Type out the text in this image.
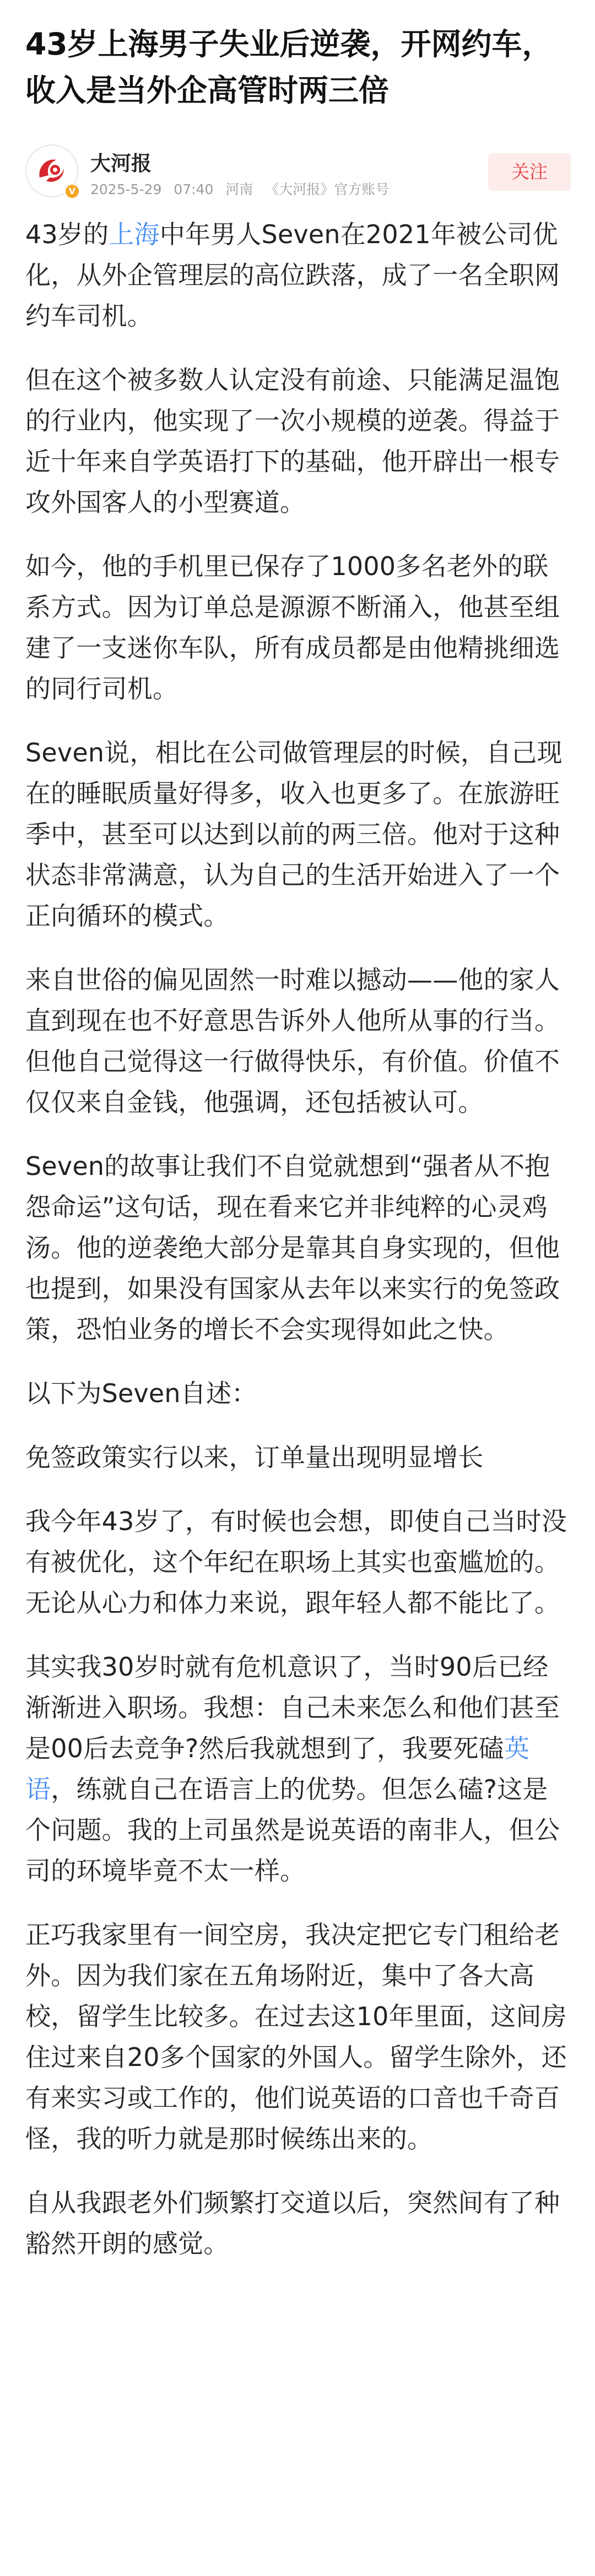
43岁上海男子失业后逆袭，开网约车，收入是当外企高管时两三倍
V
大河报
2025-5-29 07:40 河南 《大河报》官方账号
关注

43岁的上海中年男人Seven在2021年被公司优化，从外企管理层的高位跌落，成了一名全职网约车司机。

但在这个被多数人认定没有前途、只能满足温饱的行业内，他实现了一次小规模的逆袭。得益于近十年来自学英语打下的基础，他开辟出一根专攻外国客人的小型赛道。

如今，他的手机里已保存了1000多名老外的联系方式。因为订单总是源源不断涌入，他甚至组建了一支迷你车队，所有成员都是由他精挑细选的同行司机。

Seven说，相比在公司做管理层的时候，自己现在的睡眠质量好得多，收入也更多了。在旅游旺季中，甚至可以达到以前的两三倍。他对于这种状态非常满意，认为自己的生活开始进入了一个正向循环的模式。

来自世俗的偏见固然一时难以撼动——他的家人直到现在也不好意思告诉外人他所从事的行当。但他自己觉得这一行做得快乐，有价值。价值不仅仅来自金钱，他强调，还包括被认可。

Seven的故事让我们不自觉就想到“强者从不抱怨命运”这句话，现在看来它并非纯粹的心灵鸡汤。他的逆袭绝大部分是靠其自身实现的，但他也提到，如果没有国家从去年以来实行的免签政策，恐怕业务的增长不会实现得如此之快。

以下为Seven自述：

免签政策实行以来，订单量出现明显增长

我今年43岁了，有时候也会想，即使自己当时没有被优化，这个年纪在职场上其实也蛮尴尬的。无论从心力和体力来说，跟年轻人都不能比了。

其实我30岁时就有危机意识了，当时90后已经渐渐进入职场。我想：自己未来怎么和他们甚至是00后去竞争?然后我就想到了，我要死磕英语，练就自己在语言上的优势。但怎么磕?这是个问题。我的上司虽然是说英语的南非人，但公司的环境毕竟不太一样。

正巧我家里有一间空房，我决定把它专门租给老外。因为我们家在五角场附近，集中了各大高校，留学生比较多。在过去这10年里面，这间房住过来自20多个国家的外国人。留学生除外，还有来实习或工作的，他们说英语的口音也千奇百怪，我的听力就是那时候练出来的。

自从我跟老外们频繁打交道以后，突然间有了种豁然开朗的感觉。
